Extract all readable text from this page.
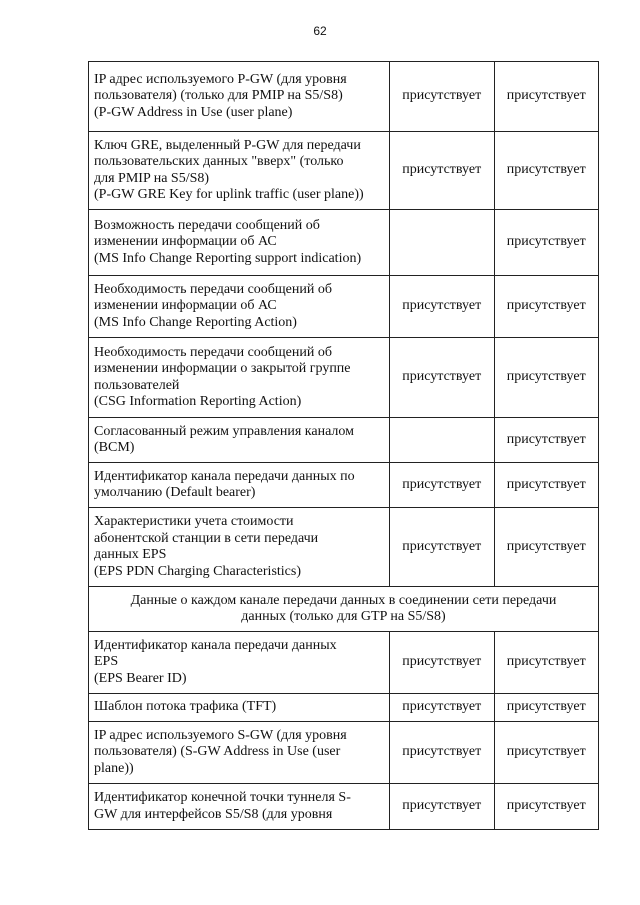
62
IP адрес используемого P-GW (для уровня
пользователя) (только для PMIP на S5/S8)
(P-GW Address in Use (user plane)	присутствует	присутствует

Ключ GRE, выделенный P-GW для передачи
пользовательских данных "вверх" (только
для PMIP на S5/S8)
(P-GW GRE Key for uplink traffic (user plane))	присутствует	присутствует

Возможность передачи сообщений об
изменении информации об АС
(MS Info Change Reporting support indication)		присутствует

Необходимость передачи сообщений об
изменении информации об АС
(MS Info Change Reporting Action)	присутствует	присутствует

Необходимость передачи сообщений об
изменении информации о закрытой группе
пользователей
(CSG Information Reporting Action)	присутствует	присутствует

Согласованный режим управления каналом
(BCM)		присутствует

Идентификатор канала передачи данных по
умолчанию (Default bearer)	присутствует	присутствует

Характеристики учета стоимости
абонентской станции в сети передачи
данных EPS
(EPS PDN Charging Characteristics)	присутствует	присутствует

Данные о каждом канале передачи данных в соединении сети передачи
данных (только для GTP на S5/S8)		

Идентификатор канала передачи данных
EPS
(EPS Bearer ID)	присутствует	присутствует

Шаблон потока трафика (TFT)	присутствует	присутствует

IP адрес используемого S-GW (для уровня
пользователя) (S-GW Address in Use (user
plane))	присутствует	присутствует

Идентификатор конечной точки туннеля S-
GW для интерфейсов S5/S8 (для уровня	присутствует	присутствует
